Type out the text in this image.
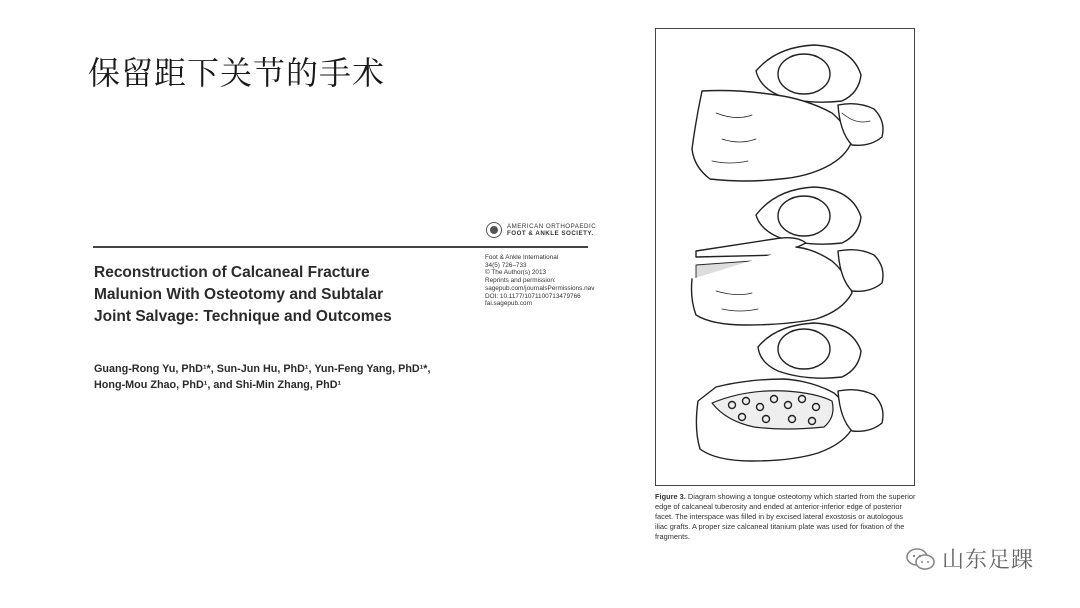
保留距下关节的手术
AMERICAN ORTHOPAEDIC
FOOT & ANKLE SOCIETY.
Reconstruction of Calcaneal Fracture
Malunion With Osteotomy and Subtalar
Joint Salvage: Technique and Outcomes
Foot & Ankle International
34(5) 726–733
© The Author(s) 2013
Reprints and permission:
sagepub.com/journalsPermissions.nav
DOI: 10.1177/1071100713479766
fai.sagepub.com
Guang-Rong Yu, PhD¹*, Sun-Jun Hu, PhD¹, Yun-Feng Yang, PhD¹*,
Hong-Mou Zhao, PhD¹, and Shi-Min Zhang, PhD¹
Figure 3. Diagram showing a tongue osteotomy which started from the superior edge of calcaneal tuberosity and ended at anterior-inferior edge of posterior facet. The interspace was filled in by excised lateral exostosis or autologous iliac grafts. A proper size calcaneal titanium plate was used for fixation of the fragments.
山东足踝
